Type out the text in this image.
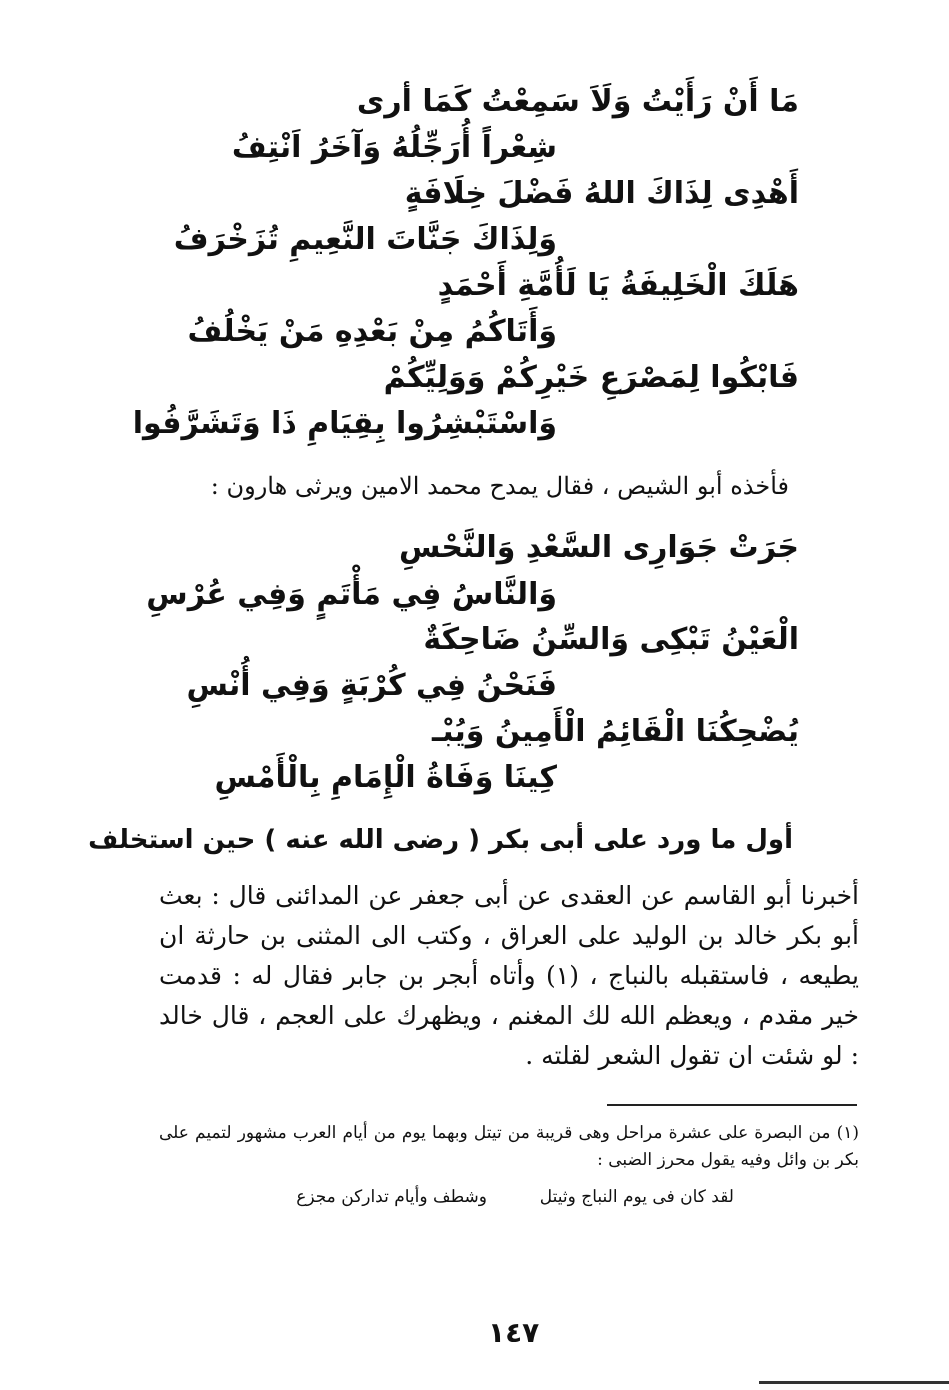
مَا أَنْ رَأَيْتُ وَلَاَ سَمِعْتُ كَمَا أرى
شِعْراً أُرَجِّلُهُ وَآخَرُ اَنْتِفُ
أَهْدِى لِذَاكَ اللهُ فَضْلَ خِلَافَةٍ
وَلِذَاكَ جَنَّاتَ النَّعِيمِ تُزَخْرَفُ
هَلَكَ الْخَلِيفَةُ يَا لَأُمَّةِ أَحْمَدٍ
وَأَتَاكُمُ مِنْ بَعْدِهِ مَنْ يَخْلُفُ
فَابْكُوا لِمَصْرَعِ خَيْرِكُمْ وَوَلِيِّكُمْ
وَاسْتَبْشِرُوا بِقِيَامِ ذَا وَتَشَرَّفُوا
فأخذه أبو الشيص ، فقال يمدح محمد الامين ويرثى هارون :
جَرَتْ جَوَارِى السَّعْدِ وَالنَّحْسِ
وَالنَّاسُ فِي مَأْتَمٍ وَفِي عُرْسِ
الْعَيْنُ تَبْكِى وَالسِّنُ ضَاحِكَةٌ
فَنَحْنُ فِي كُرْبَةٍ وَفِي أُنْسِ
يُضْحِكُنَا الْقَائِمُ الْأَمِينُ وَيُبْـ
كِينَا وَفَاةُ الْإِمَامِ بِالْأَمْسِ
أول ما ورد على أبى بكر ( رضى الله عنه ) حين استخلف
أخبرنا أبو القاسم عن العقدى عن أبى جعفر عن المدائنى قال : بعث أبو بكر خالد بن الوليد على العراق ، وكتب الى المثنى بن حارثة ان يطيعه ، فاستقبله بالنباج ، (١) وأتاه أبجر بن جابر فقال له : قدمت خير مقدم ، ويعظم الله لك المغنم ، ويظهرك على العجم ، قال خالد : لو شئت ان تقول الشعر لقلته .
(١) من البصرة على عشرة مراحل وهى قريبة من تيتل وبهما يوم من أيام العرب مشهور لتميم على بكر بن وائل وفيه يقول محرز الضبى :
لقد كان فى يوم النباج وثيتل
وشطف وأيام تداركن مجزع
١٤٧
